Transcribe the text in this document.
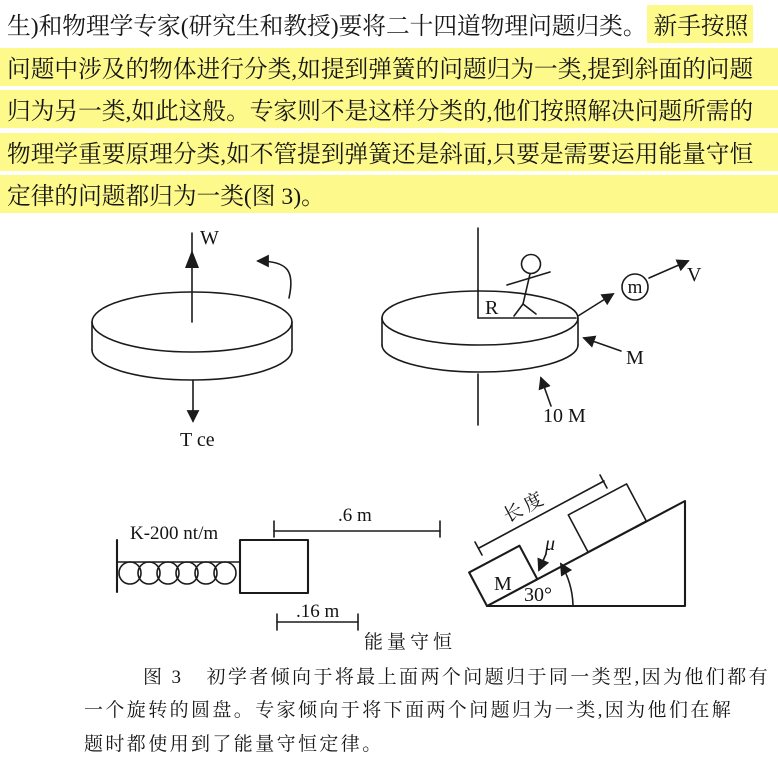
生)和物理学专家(研究生和教授)要将二十四道物理问题归类。 新手按照
问题中涉及的物体进行分类,如提到弹簧的问题归为一类,提到斜面的问题
归为另一类,如此这般。专家则不是这样分类的,他们按照解决问题所需的
物理学重要原理分类,如不管提到弹簧还是斜面,只要是需要运用能量守恒
定律的问题都归为一类(图 3)。
W
T ce
R
m
V
M
10 M
K-200 nt/m
.6 m
.16 m
能量守恒
M
长度
μ
30°
图 3 初学者倾向于将最上面两个问题归于同一类型,因为他们都有
一个旋转的圆盘。专家倾向于将下面两个问题归为一类,因为他们在解
题时都使用到了能量守恒定律。
